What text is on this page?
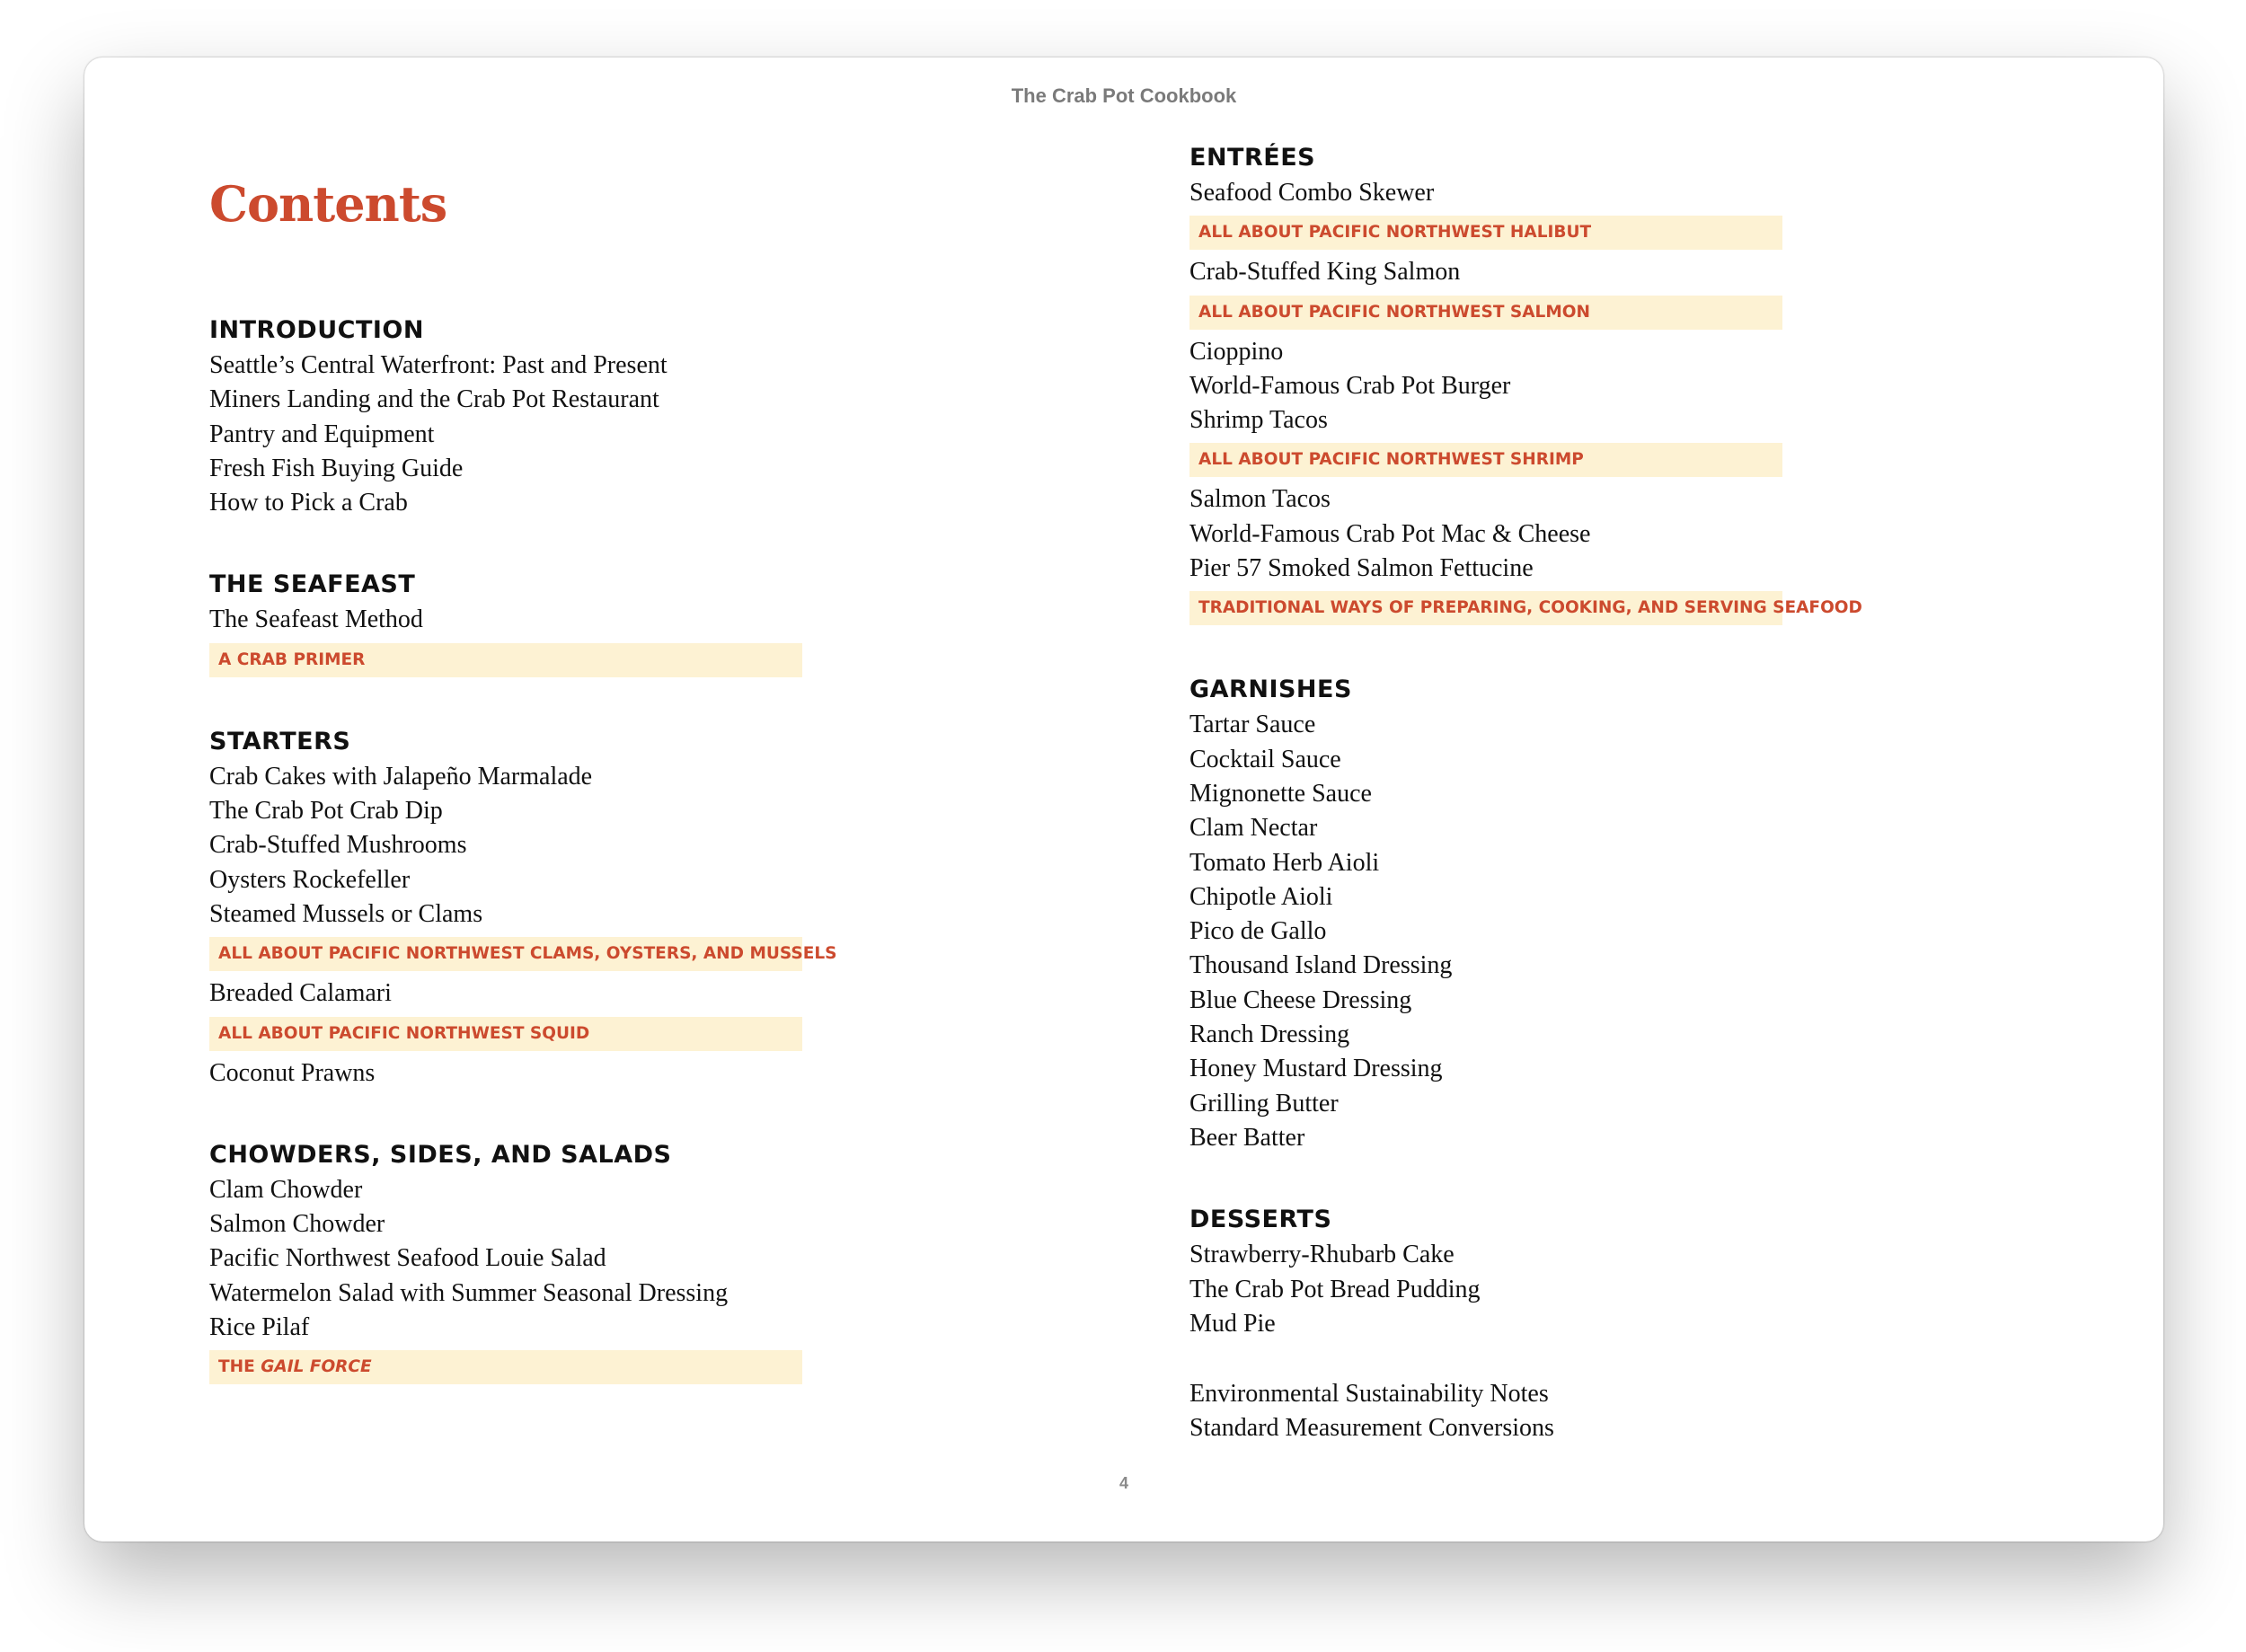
The Crab Pot Cookbook
Contents
INTRODUCTION
Seattle’s Central Waterfront: Past and Present
Miners Landing and the Crab Pot Restaurant
Pantry and Equipment
Fresh Fish Buying Guide
How to Pick a Crab
THE SEAFEAST
The Seafeast Method
A CRAB PRIMER
STARTERS
Crab Cakes with Jalapeño Marmalade
The Crab Pot Crab Dip
Crab-Stuffed Mushrooms
Oysters Rockefeller
Steamed Mussels or Clams
ALL ABOUT PACIFIC NORTHWEST CLAMS, OYSTERS, AND MUSSELS
Breaded Calamari
ALL ABOUT PACIFIC NORTHWEST SQUID
Coconut Prawns
CHOWDERS, SIDES, AND SALADS
Clam Chowder
Salmon Chowder
Pacific Northwest Seafood Louie Salad
Watermelon Salad with Summer Seasonal Dressing
Rice Pilaf
THE GAIL FORCE
ENTRÉES
Seafood Combo Skewer
ALL ABOUT PACIFIC NORTHWEST HALIBUT
Crab-Stuffed King Salmon
ALL ABOUT PACIFIC NORTHWEST SALMON
Cioppino
World-Famous Crab Pot Burger
Shrimp Tacos
ALL ABOUT PACIFIC NORTHWEST SHRIMP
Salmon Tacos
World-Famous Crab Pot Mac & Cheese
Pier 57 Smoked Salmon Fettucine
TRADITIONAL WAYS OF PREPARING, COOKING, AND SERVING SEAFOOD
GARNISHES
Tartar Sauce
Cocktail Sauce
Mignonette Sauce
Clam Nectar
Tomato Herb Aioli
Chipotle Aioli
Pico de Gallo
Thousand Island Dressing
Blue Cheese Dressing
Ranch Dressing
Honey Mustard Dressing
Grilling Butter
Beer Batter
DESSERTS
Strawberry-Rhubarb Cake
The Crab Pot Bread Pudding
Mud Pie
Environmental Sustainability Notes
Standard Measurement Conversions
4
